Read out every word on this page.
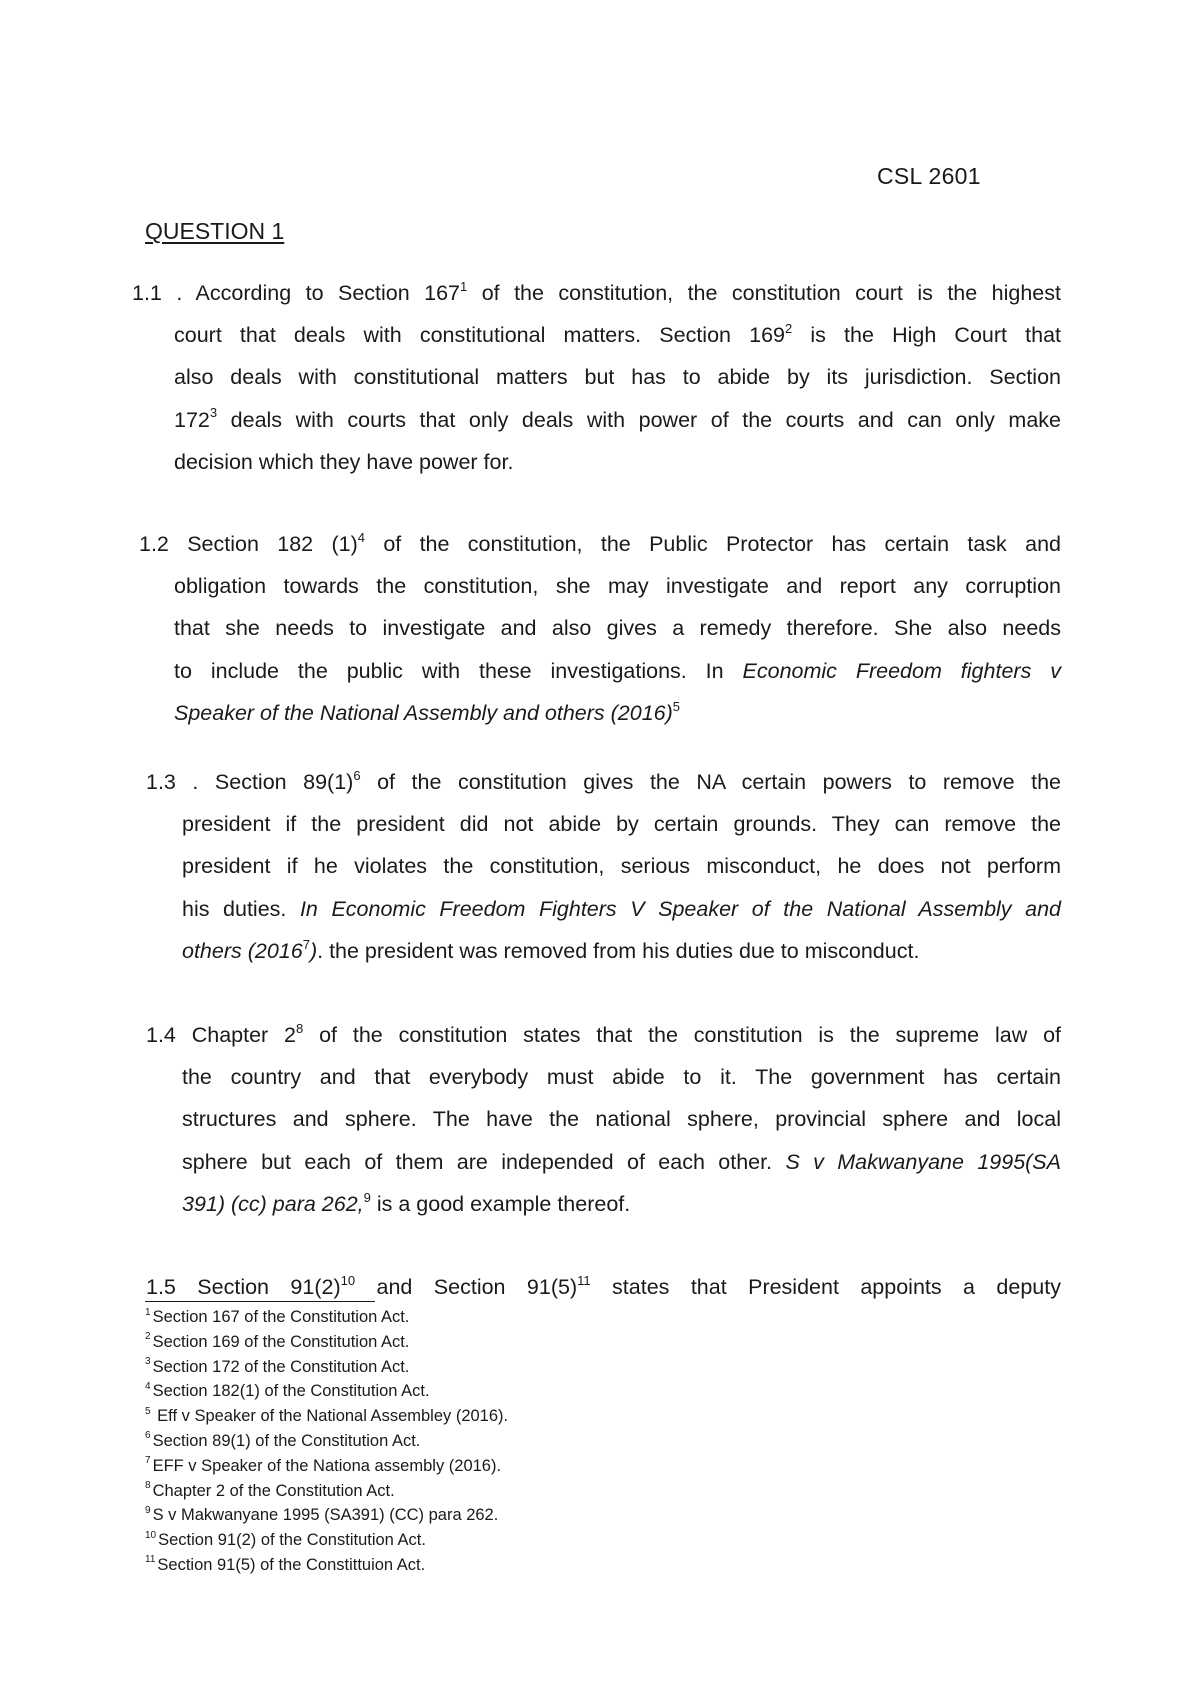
CSL 2601
QUESTION 1
1.1 . According to Section $167^1$ of the constitution, the constitution court is the highest
court that deals with constitutional matters. Section $169^2$ is the High Court that
also deals with constitutional matters but has to abide by its jurisdiction. Section
$172^3$ deals with courts that only deals with power of the courts and can only make
decision which they have power for.
1.2 Section 182 $(1)^4$ of the constitution, the Public Protector has certain task and
obligation towards the constitution, she may investigate and report any corruption
that she needs to investigate and also gives a remedy therefore. She also needs
to include the public with these investigations. In Economic Freedom fighters v
Speaker of the National Assembly and others $(2016)^5$
1.3 . Section $89(1)^6$ of the constitution gives the NA certain powers to remove the
president if the president did not abide by certain grounds. They can remove the
president if he violates the constitution, serious misconduct, he does not perform
his duties. In Economic Freedom Fighters V Speaker of the National Assembly and
others (2016$^7$). the president was removed from his duties due to misconduct.
1.4 Chapter $2^8$ of the constitution states that the constitution is the supreme law of
the country and that everybody must abide to it. The government has certain
structures and sphere. The have the national sphere, provincial sphere and local
sphere but each of them are independed of each other. S v Makwanyane 1995(SA
391) (cc) para 262,$^9$ is a good example thereof.
1.5 Section $91(2)^{10}$ and Section $91(5)^{11}$ states that President appoints a deputy
$^1$ Section 167 of the Constitution Act.
$^2$ Section 169 of the Constitution Act.
$^3$ Section 172 of the Constitution Act.
$^4$ Section 182(1) of the Constitution Act.
$^5$ Eff v Speaker of the National Assembley (2016).
$^6$ Section 89(1) of the Constitution Act.
$^7$ EFF v Speaker of the Nationa assembly (2016).
$^8$ Chapter 2 of the Constitution Act.
$^9$ S v Makwanyane 1995 (SA391) (CC) para 262.
$^{10}$ Section 91(2) of the Constitution Act.
$^{11}$ Section 91(5) of the Constittuion Act.
